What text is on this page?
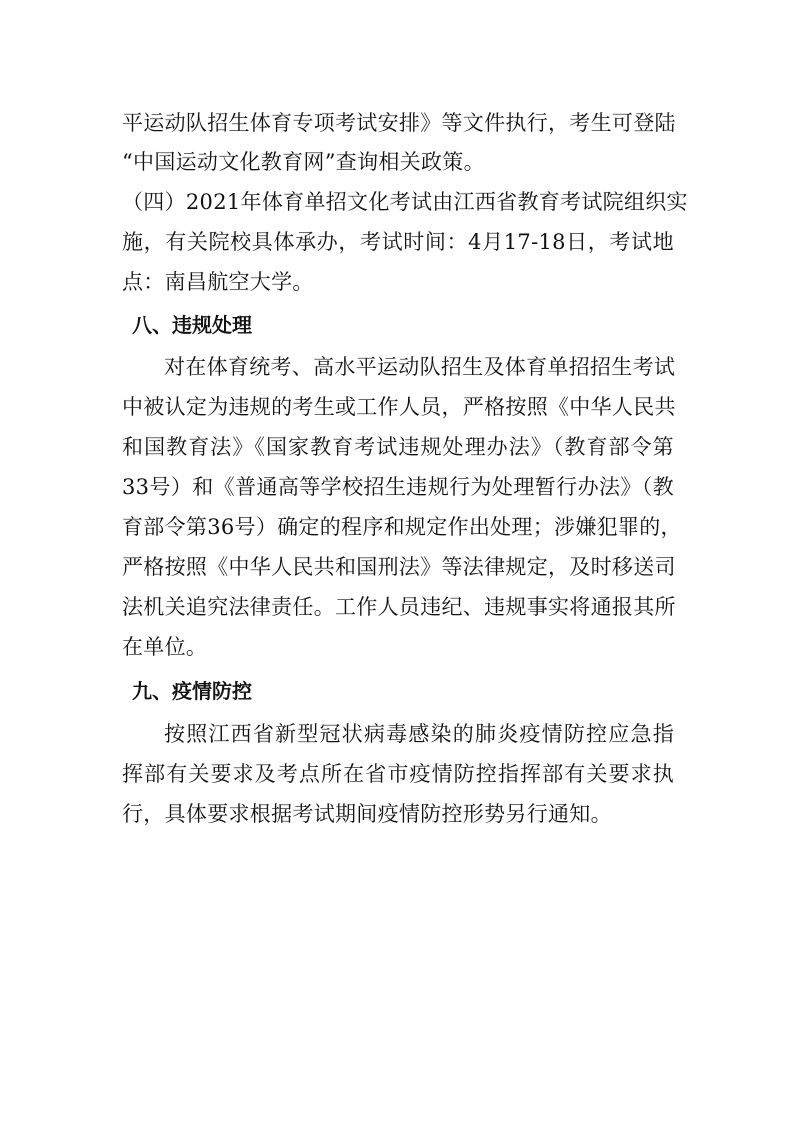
平运动队招生体育专项考试安排》等文件执行，考生可登陆
“中国运动文化教育网”查询相关政策。
（四）2021年体育单招文化考试由江西省教育考试院组织实
施，有关院校具体承办，考试时间：4月17-18日，考试地
点：南昌航空大学。
八、违规处理
对在体育统考、高水平运动队招生及体育单招招生考试
中被认定为违规的考生或工作人员，严格按照《中华人民共
和国教育法》《国家教育考试违规处理办法》（教育部令第
33号）和《普通高等学校招生违规行为处理暂行办法》（教
育部令第36号）确定的程序和规定作出处理；涉嫌犯罪的，
严格按照《中华人民共和国刑法》等法律规定，及时移送司
法机关追究法律责任。工作人员违纪、违规事实将通报其所
在单位。
九、疫情防控
按照江西省新型冠状病毒感染的肺炎疫情防控应急指
挥部有关要求及考点所在省市疫情防控指挥部有关要求执
行，具体要求根据考试期间疫情防控形势另行通知。
